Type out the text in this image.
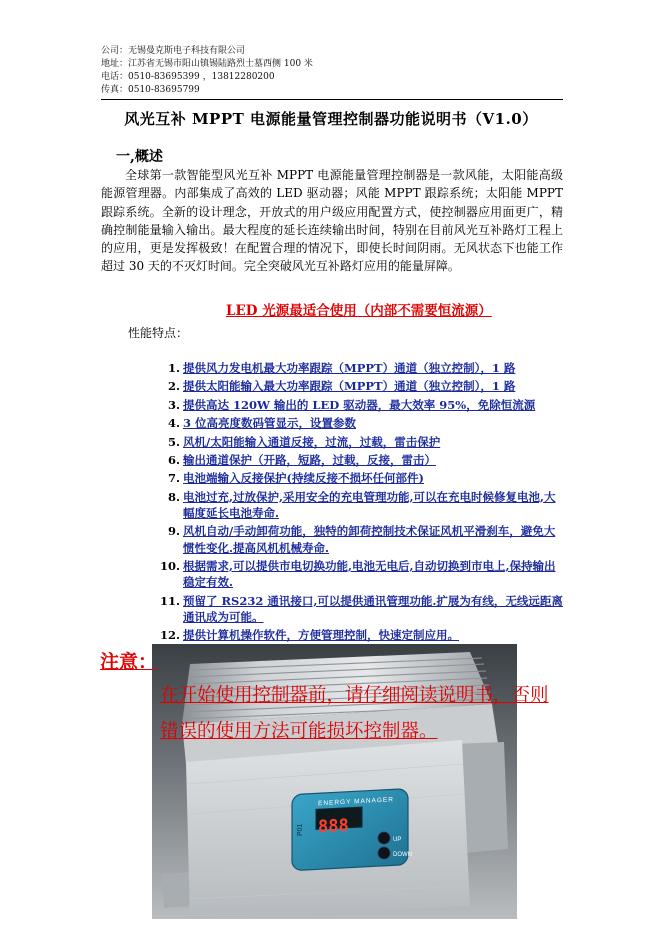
公司：无锡曼克斯电子科技有限公司
地址：江苏省无锡市阳山镇锡陆路烈士墓西侧 100 米
电话：0510-83695399 ，13812280200
传真：0510-83695799
风光互补 MPPT 电源能量管理控制器功能说明书（V1.0）
一,概述
全球第一款智能型风光互补 MPPT 电源能量管理控制器是一款风能，太阳能高级能源管理器。内部集成了高效的 LED 驱动器；风能 MPPT 跟踪系统；太阳能 MPPT 跟踪系统。全新的设计理念，开放式的用户级应用配置方式，使控制器应用面更广，精确控制能量输入输出。最大程度的延长连续输出时间，特别在目前风光互补路灯工程上的应用，更是发挥极致！在配置合理的情况下，即使长时间阴雨。无风状态下也能工作超过 30 天的不灭灯时间。完全突破风光互补路灯应用的能量屏障。
LED 光源最适合使用（内部不需要恒流源）
性能特点：
1. 提供风力发电机最大功率跟踪（MPPT）通道（独立控制），1 路
2. 提供太阳能输入最大功率跟踪（MPPT）通道（独立控制），1 路
3. 提供高达 120W 输出的 LED 驱动器，最大效率 95%，免除恒流源
4. 3 位高亮度数码管显示，设置参数
5. 风机/太阳能输入通道反接，过流，过载，雷击保护
6. 输出通道保护（开路，短路，过载，反接，雷击）
7. 电池端输入反接保护(持续反接不损坏任何部件)
8. 电池过充,过放保护,采用安全的充电管理功能,可以在充电时候修复电池,大幅度延长电池寿命.
9. 风机自动/手动卸荷功能，独特的卸荷控制技术保证风机平滑刹车，避免大惯性变化.提高风机机械寿命.
10. 根据需求,可以提供市电切换功能,电池无电后,自动切换到市电上,保持输出稳定有效.
11. 预留了 RS232 通讯接口,可以提供通讯管理功能.扩展为有线，无线远距离通讯成为可能。
12. 提供计算机操作软件，方便管理控制，快速定制应用。
888
ENERGY MANAGER
P01
UP
DOWN
注意：
在开始使用控制器前，请仔细阅读说明书，否则错误的使用方法可能损坏控制器。
